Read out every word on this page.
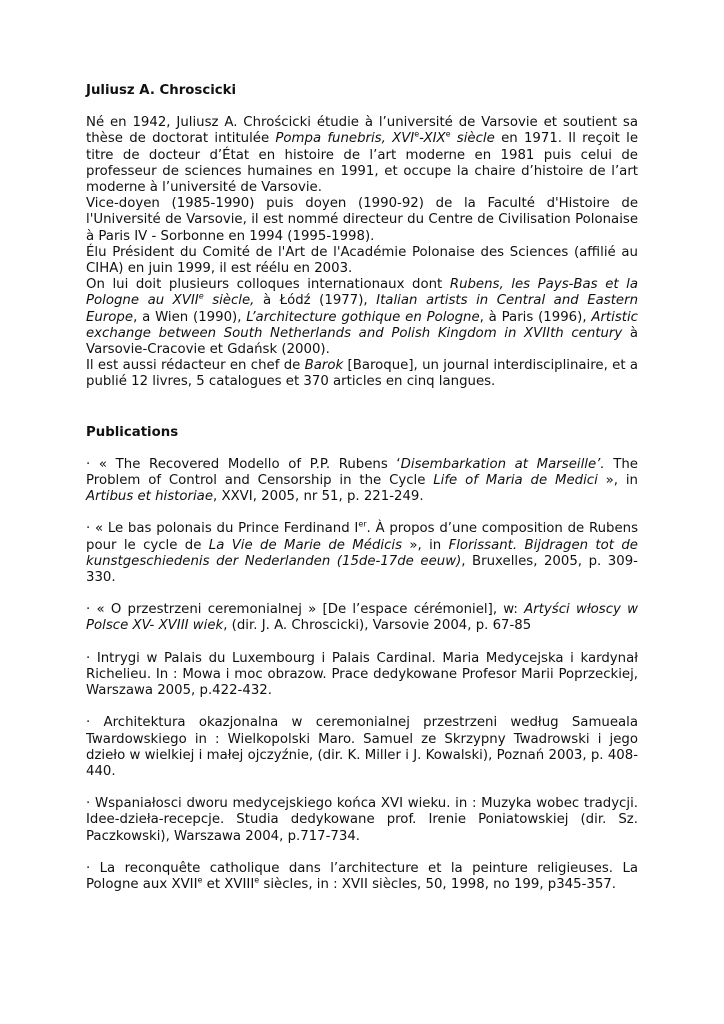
Juliusz A. Chroscicki

Né en 1942, Juliusz A. Chrościcki étudie à l’université de Varsovie et soutient sa thèse de doctorat intitulée Pompa funebris, XVIe-XIXe siècle en 1971. Il reçoit le titre de docteur d’État en histoire de l’art moderne en 1981 puis celui de professeur de sciences humaines en 1991, et occupe la chaire d’histoire de l’art moderne à l’université de Varsovie.

Vice-doyen (1985-1990) puis doyen (1990-92) de la Faculté d'Histoire de l'Université de Varsovie, il est nommé directeur du Centre de Civilisation Polonaise à Paris IV - Sorbonne en 1994 (1995-1998).

Élu Président du Comité de l'Art de l'Académie Polonaise des Sciences (affilié au CIHA) en juin 1999, il est réélu en 2003.

On lui doit plusieurs colloques internationaux dont Rubens, les Pays-Bas et la Pologne au XVIIe siècle, à Łódź (1977), Italian artists in Central and Eastern Europe, a Wien (1990), L’architecture gothique en Pologne, à Paris (1996), Artistic exchange between South Netherlands and Polish Kingdom in XVIIth century à Varsovie-Cracovie et Gdańsk (2000).

Il est aussi rédacteur en chef de Barok [Baroque], un journal interdisciplinaire, et a publié 12 livres, 5 catalogues et 370 articles en cinq langues.

Publications

· « The Recovered Modello of P.P. Rubens ‘Disembarkation at Marseille’. The Problem of Control and Censorship in the Cycle Life of Maria de Medici », in Artibus et historiae, XXVI, 2005, nr 51, p. 221-249.

· « Le bas polonais du Prince Ferdinand Ier. À propos d’une composition de Rubens pour le cycle de La Vie de Marie de Médicis », in Florissant. Bijdragen tot de kunstgeschiedenis der Nederlanden (15de-17de eeuw), Bruxelles, 2005, p. 309-330.

· « O przestrzeni ceremonialnej » [De l’espace cérémoniel], w: Artyści włoscy w Polsce XV- XVIII wiek, (dir. J. A. Chroscicki), Varsovie 2004, p. 67-85

· Intrygi w Palais du Luxembourg i Palais Cardinal. Maria Medycejska i kardynał Richelieu. In : Mowa i moc obrazow. Prace dedykowane Profesor Marii Poprzeckiej, Warszawa 2005, p.422-432.

· Architektura okazjonalna w ceremonialnej przestrzeni według Samueala Twardowskiego in : Wielkopolski Maro. Samuel ze Skrzypny Twadrowski i jego dzieło w wielkiej i małej ojczyźnie, (dir. K. Miller i J. Kowalski), Poznań 2003, p. 408-440.

· Wspaniałosci dworu medycejskiego końca XVI wieku. in : Muzyka wobec tradycji. Idee-dzieła-recepcje. Studia dedykowane prof. Irenie Poniatowskiej (dir. Sz. Paczkowski), Warszawa 2004, p.717-734.

· La reconquête catholique dans l’architecture et la peinture religieuses. La Pologne aux XVIIe et XVIIIe siècles, in : XVII siècles, 50, 1998, no 199, p345-357.
